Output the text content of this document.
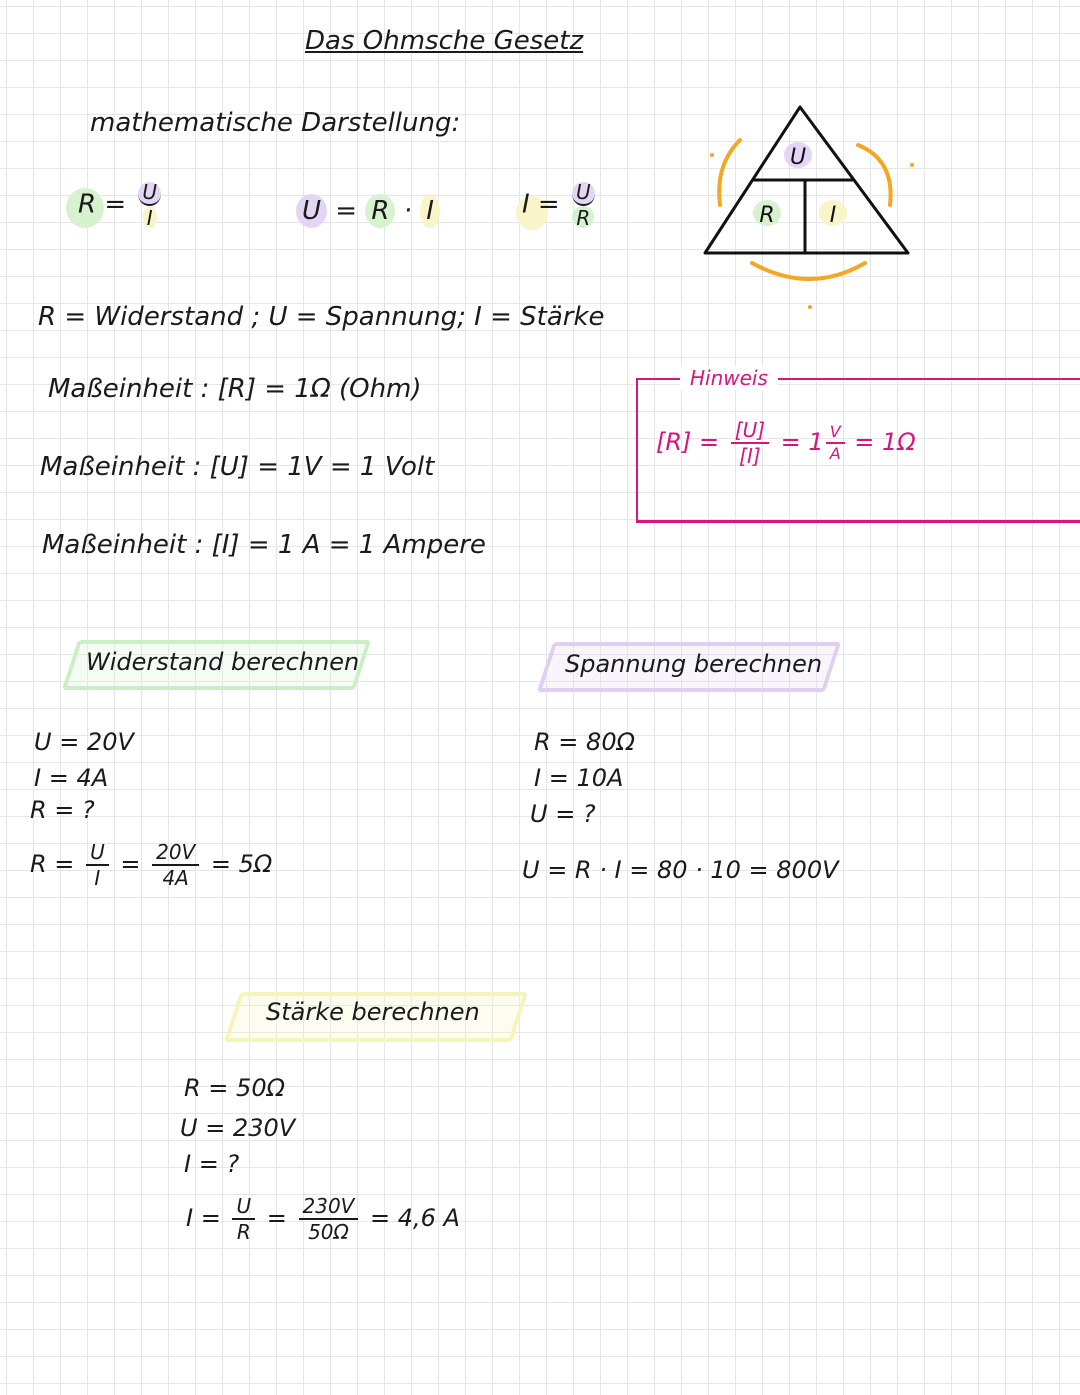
Das Ohmsche Gesetz
mathematische Darstellung:
$R = \frac{U}{I}$	U = R · I	$I = \frac{U}{R}$
U
R	I
R = Widerstand ; U = Spannung; I = Stärke
Maßeinheit : [R] = 1Ω (Ohm)
Maßeinheit : [U] = 1V = 1 Volt
Maßeinheit : [I] = 1 A = 1 Ampere
Hinweis
$[R] = \frac{[U]}{[I]} = 1 \frac{V}{A} = 1\Omega$
Widerstand berechnen
U = 20V
I = 4A
R = ?
$R = \frac{U}{I} = \frac{20V}{4A} = 5\Omega$
Spannung berechnen
R = 80Ω
I = 10A
U = ?
U = R · I = 80 · 10 = 800V
Stärke berechnen
R = 50Ω
U = 230V
I = ?
$I = \frac{U}{R} = \frac{230V}{50\Omega} = 4,6$ A
